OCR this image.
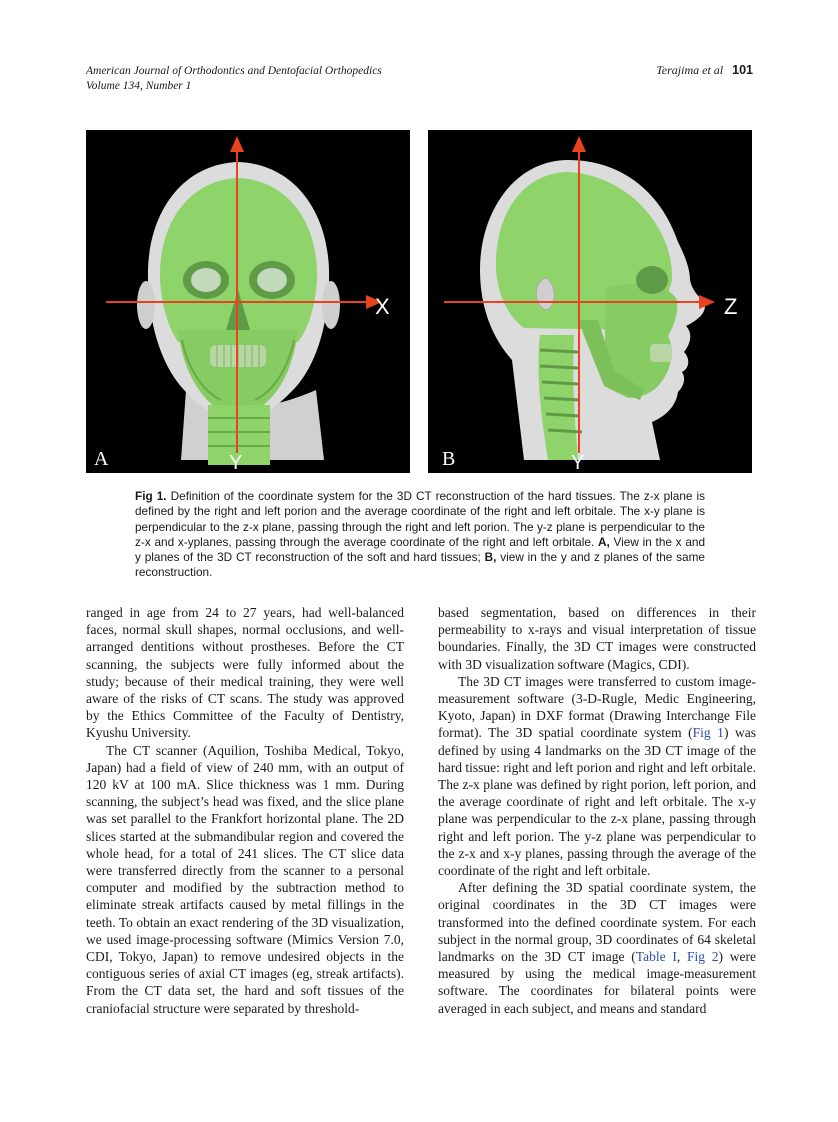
American Journal of Orthodontics and Dentofacial Orthopedics
Volume 134, Number 1
Terajima et al 101
X
Y
A
Z
Y
B
Fig 1. Definition of the coordinate system for the 3D CT reconstruction of the hard tissues. The z-x plane is defined by the right and left porion and the average coordinate of the right and left orbitale. The x-y plane is perpendicular to the z-x plane, passing through the right and left porion. The y-z plane is perpendicular to the z-x and x-yplanes, passing through the average coordinate of the right and left orbitale. A, View in the x and y planes of the 3D CT reconstruction of the soft and hard tissues; B, view in the y and z planes of the same reconstruction.

ranged in age from 24 to 27 years, had well-balanced faces, normal skull shapes, normal occlusions, and well-arranged dentitions without prostheses. Before the CT scanning, the subjects were fully informed about the study; because of their medical training, they were well aware of the risks of CT scans. The study was approved by the Ethics Committee of the Faculty of Dentistry, Kyushu University.

The CT scanner (Aquilion, Toshiba Medical, Tokyo, Japan) had a field of view of 240 mm, with an output of 120 kV at 100 mA. Slice thickness was 1 mm. During scanning, the subject’s head was fixed, and the slice plane was set parallel to the Frankfort horizontal plane. The 2D slices started at the submandibular region and covered the whole head, for a total of 241 slices. The CT slice data were transferred directly from the scanner to a personal computer and modified by the subtraction method to eliminate streak artifacts caused by metal fillings in the teeth. To obtain an exact rendering of the 3D visualization, we used image-processing software (Mimics Version 7.0, CDI, Tokyo, Japan) to remove undesired objects in the contiguous series of axial CT images (eg, streak artifacts). From the CT data set, the hard and soft tissues of the craniofacial structure were separated by threshold-

based segmentation, based on differences in their permeability to x-rays and visual interpretation of tissue boundaries. Finally, the 3D CT images were constructed with 3D visualization software (Magics, CDI).

The 3D CT images were transferred to custom image-measurement software (3-D-Rugle, Medic Engineering, Kyoto, Japan) in DXF format (Drawing Interchange File format). The 3D spatial coordinate system (Fig 1) was defined by using 4 landmarks on the 3D CT image of the hard tissue: right and left porion and right and left orbitale. The z-x plane was defined by right porion, left porion, and the average coordinate of right and left orbitale. The x-y plane was perpendicular to the z-x plane, passing through right and left porion. The y-z plane was perpendicular to the z-x and x-y planes, passing through the average of the coordinate of the right and left orbitale.

After defining the 3D spatial coordinate system, the original coordinates in the 3D CT images were transformed into the defined coordinate system. For each subject in the normal group, 3D coordinates of 64 skeletal landmarks on the 3D CT image (Table I, Fig 2) were measured by using the medical image-measurement software. The coordinates for bilateral points were averaged in each subject, and means and standard
